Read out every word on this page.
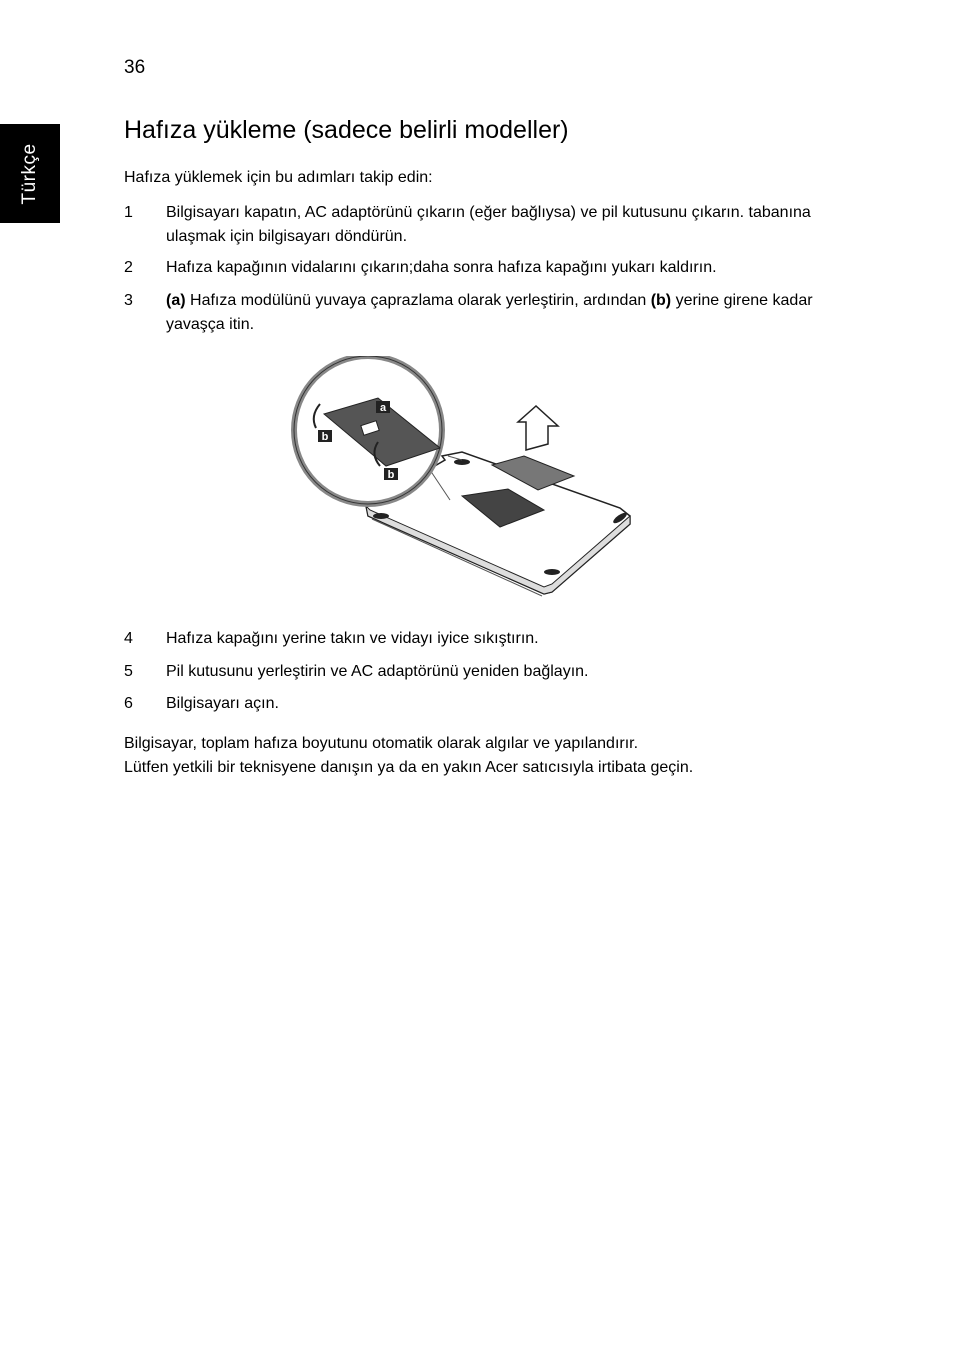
36
Türkçe
Hafıza yükleme (sadece belirli modeller)
Hafıza yüklemek için bu adımları takip edin:
1	Bilgisayarı kapatın, AC adaptörünü çıkarın (eğer bağlıysa) ve pil kutusunu çıkarın. tabanına ulaşmak için bilgisayarı döndürün.
2	Hafıza kapağının vidalarını çıkarın;daha sonra hafıza kapağını yukarı kaldırın.
3	(a) Hafıza modülünü yuvaya çaprazlama olarak yerleştirin, ardından (b) yerine girene kadar yavaşça itin.
a
b
b
4	Hafıza kapağını yerine takın ve vidayı iyice sıkıştırın.
5	Pil kutusunu yerleştirin ve AC adaptörünü yeniden bağlayın.
6	Bilgisayarı açın.
Bilgisayar, toplam hafıza boyutunu otomatik olarak algılar ve yapılandırır.
Lütfen yetkili bir teknisyene danışın ya da en yakın Acer satıcısıyla irtibata geçin.
